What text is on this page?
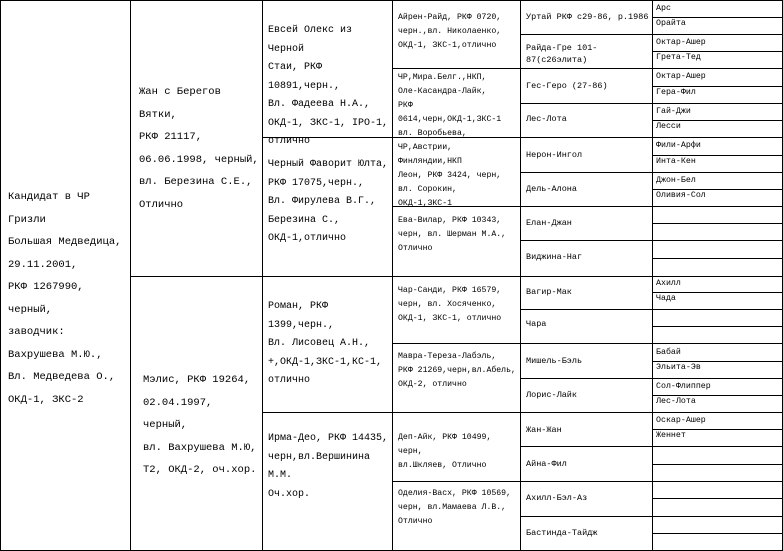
Кандидат в ЧР
Гризли
Большая Медведица,
29.11.2001,
РКФ 1267990, черный,
заводчик:
Вахрушева М.Ю.,
Вл. Медведева О.,
ОКД-1, ЗКС-2
Жан с Берегов Вятки,
РКФ 21117,
06.06.1998, черный,
вл. Березина С.Е.,
Отлично
Мэлис, РКФ 19264,
02.04.1997, черный,
вл. Вахрушева М.Ю,
Т2, ОКД-2, оч.хор.
Евсей Олекс из Черной
Стаи, РКФ 10891,черн.,
Вл. Фадеева Н.А.,
ОКД-1, ЗКС-1, IPO-1,
отлично
Черный Фаворит Юлта,
РКФ 17075,черн.,
Вл. Фирулева В.Г.,
Березина С.,
ОКД-1,отлично
Роман, РКФ 1399,черн.,
Вл. Лисовец А.Н.,
+,ОКД-1,ЗКС-1,КС-1,
отлично
Ирма-Део, РКФ 14435,
черн,вл.Вершинина М.М.
Оч.хор.
Айрен-Райд, РКФ 0720,
черн.,вл. Николаенко,
ОКД-1, ЗКС-1,отлично
ЧР,Мира.Белг.,НКП,
Оле-Касандра-Лайк,
РКФ 0614,черн,ОКД-1,ЗКС-1
вл. Воробьева,
ЧР,Австрии, Финляндии,НКП
Леон, РКФ 3424, черн,
вл. Сорокин,
ОКД-1,ЗКС-1
Ева-Вилар, РКФ 10343,
черн, вл. Шерман М.А.,
Отлично
Чар-Санди, РКФ 16579,
черн, вл. Хосяченко,
ОКД-1, ЗКС-1, отлично
Маврa-Тереза-Лабэль,
РКФ 21269,черн,вл.Абель,
ОКД-2, отлично
Деп-Айк, РКФ 10499, черн,
вл.Шкляев, Отлично
Оделия-Васх, РКФ 10569,
черн, вл.Мамаева Л.В.,
Отлично
Уртай РКФ с29-86, р.1986
Райда-Гре 101-87(с26элита)
Гес-Геро (27-86)
Лес-Лота
Нерон-Ингол
Дель-Алона
Елан-Джан
Виджина-Наг
Вагир-Мак
Чара
Мишель-Бэль
Лорис-Лайк
Жан-Жан
Айна-Фил
Ахилл-Бэл-Аз
Бастинда-Тайдж
Арс
Орайта
Октар-Ашер
Грета-Тед
Октар-Ашер
Гера-Фил
Гай-Джи
Лесси
Фили-Арфи
Инта-Кен
Джон-Бел
Оливия-Сол
Ахилл
Чада
Бабай
Эльита-Эв
Сол-Флиппер
Лес-Лота
Оскар-Ашер
Женнет
